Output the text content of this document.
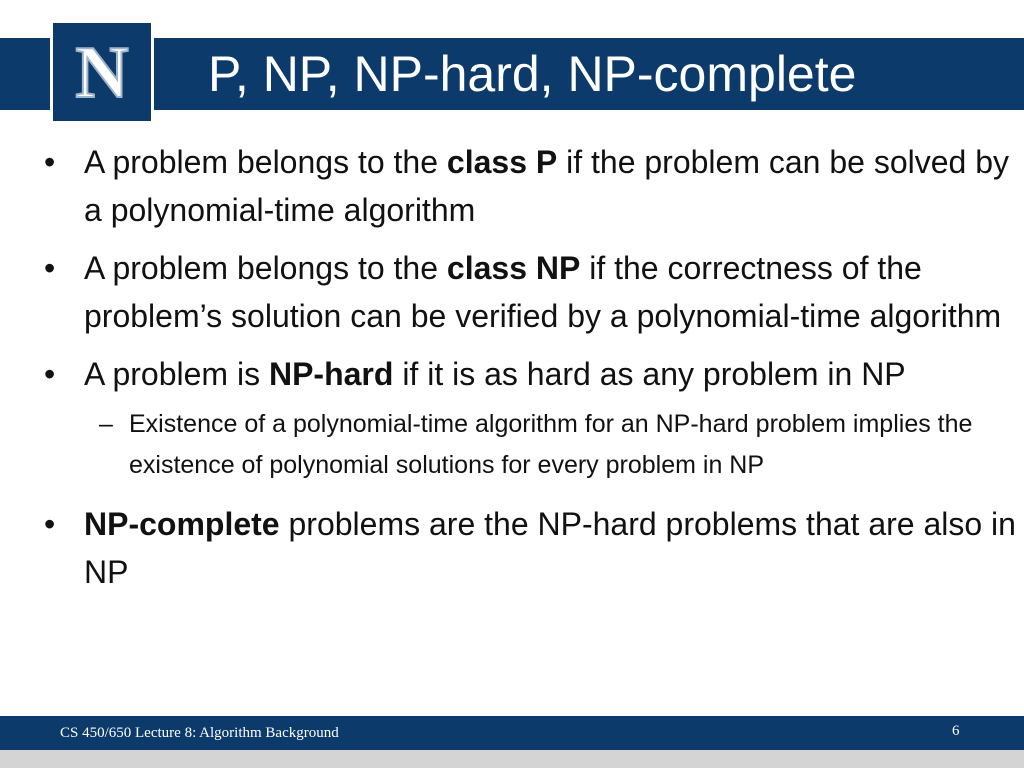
N P, NP, NP-hard, NP-complete
• A problem belongs to the class P if the problem can be solved by a polynomial-time algorithm
• A problem belongs to the class NP if the correctness of the problem’s solution can be verified by a polynomial-time algorithm
• A problem is NP-hard if it is as hard as any problem in NP
– Existence of a polynomial-time algorithm for an NP-hard problem implies the existence of polynomial solutions for every problem in NP
• NP-complete problems are the NP-hard problems that are also in NP
CS 450/650 Lecture 8: Algorithm Background	6
